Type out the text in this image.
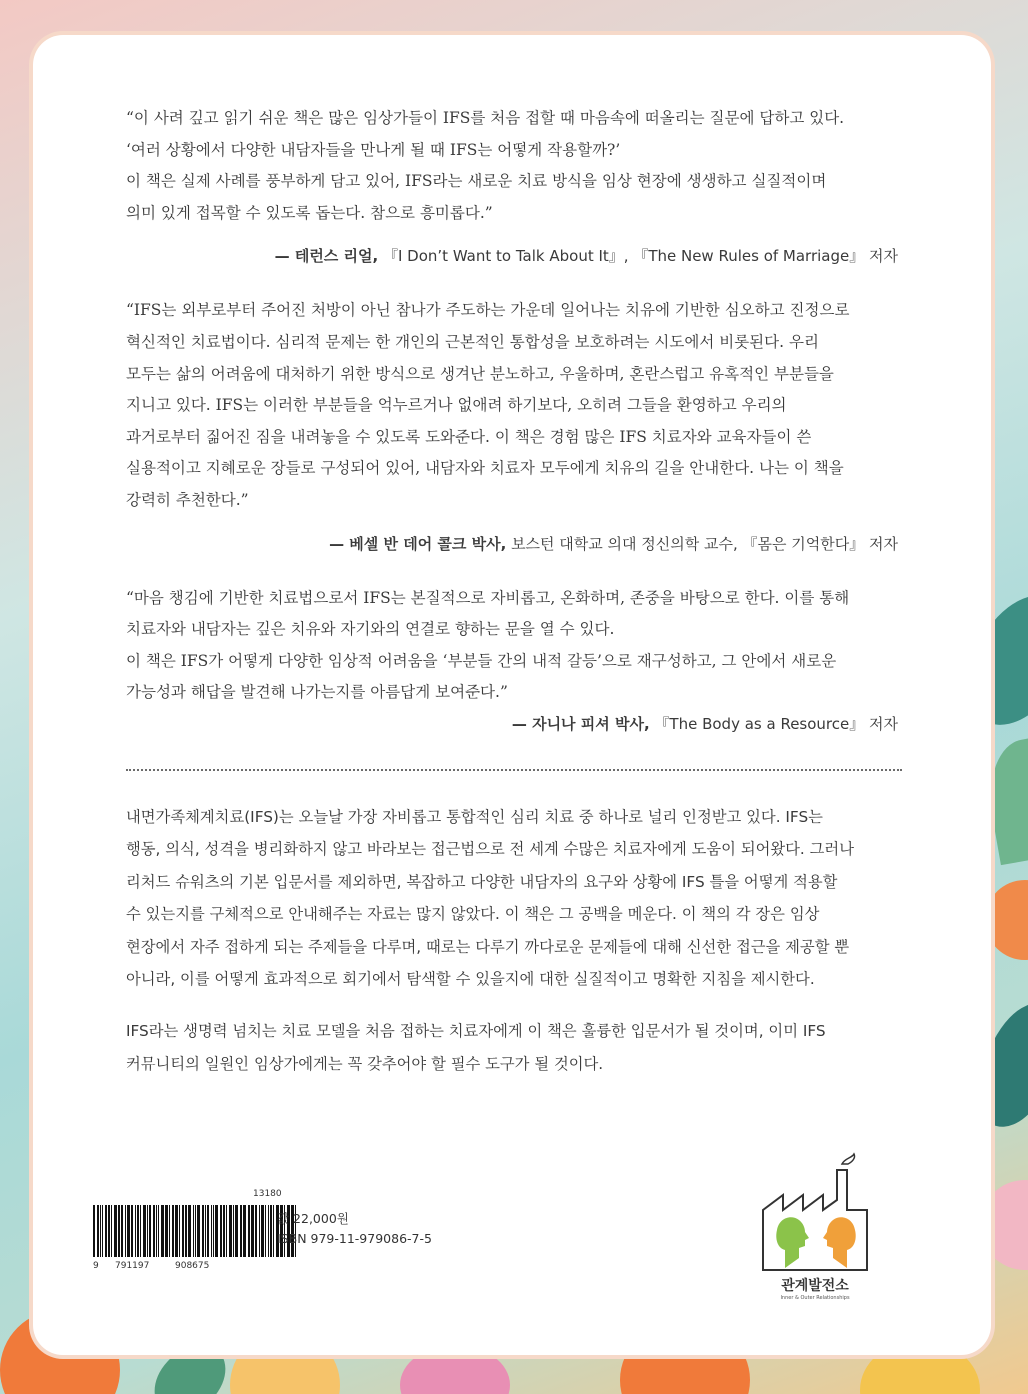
“이 사려 깊고 읽기 쉬운 책은 많은 임상가들이 IFS를 처음 접할 때 마음속에 떠올리는 질문에 답하고 있다.

‘여러 상황에서 다양한 내담자들을 만나게 될 때 IFS는 어떻게 작용할까?’

이 책은 실제 사례를 풍부하게 담고 있어, IFS라는 새로운 치료 방식을 임상 현장에 생생하고 실질적이며

의미 있게 접목할 수 있도록 돕는다. 참으로 흥미롭다.”

— 테런스 리얼, 『I Don’t Want to Talk About It』, 『The New Rules of Marriage』 저자

“IFS는 외부로부터 주어진 처방이 아닌 참나가 주도하는 가운데 일어나는 치유에 기반한 심오하고 진정으로

혁신적인 치료법이다. 심리적 문제는 한 개인의 근본적인 통합성을 보호하려는 시도에서 비롯된다. 우리

모두는 삶의 어려움에 대처하기 위한 방식으로 생겨난 분노하고, 우울하며, 혼란스럽고 유혹적인 부분들을

지니고 있다. IFS는 이러한 부분들을 억누르거나 없애려 하기보다, 오히려 그들을 환영하고 우리의

과거로부터 짊어진 짐을 내려놓을 수 있도록 도와준다. 이 책은 경험 많은 IFS 치료자와 교육자들이 쓴

실용적이고 지혜로운 장들로 구성되어 있어, 내담자와 치료자 모두에게 치유의 길을 안내한다. 나는 이 책을

강력히 추천한다.”

— 베셀 반 데어 콜크 박사, 보스턴 대학교 의대 정신의학 교수, 『몸은 기억한다』 저자

“마음 챙김에 기반한 치료법으로서 IFS는 본질적으로 자비롭고, 온화하며, 존중을 바탕으로 한다. 이를 통해

치료자와 내담자는 깊은 치유와 자기와의 연결로 향하는 문을 열 수 있다.

이 책은 IFS가 어떻게 다양한 임상적 어려움을 ‘부분들 간의 내적 갈등’으로 재구성하고, 그 안에서 새로운

가능성과 해답을 발견해 나가는지를 아름답게 보여준다.”

— 자니나 피셔 박사, 『The Body as a Resource』 저자

내면가족체계치료(IFS)는 오늘날 가장 자비롭고 통합적인 심리 치료 중 하나로 널리 인정받고 있다. IFS는

행동, 의식, 성격을 병리화하지 않고 바라보는 접근법으로 전 세계 수많은 치료자에게 도움이 되어왔다. 그러나

리처드 슈워츠의 기본 입문서를 제외하면, 복잡하고 다양한 내담자의 요구와 상황에 IFS 틀을 어떻게 적용할

수 있는지를 구체적으로 안내해주는 자료는 많지 않았다. 이 책은 그 공백을 메운다. 이 책의 각 장은 임상

현장에서 자주 접하게 되는 주제들을 다루며, 때로는 다루기 까다로운 문제들에 대해 신선한 접근을 제공할 뿐

아니라, 이를 어떻게 효과적으로 회기에서 탐색할 수 있을지에 대한 실질적이고 명확한 지침을 제시한다.

IFS라는 생명력 넘치는 치료 모델을 처음 접하는 치료자에게 이 책은 훌륭한 입문서가 될 것이며, 이미 IFS

커뮤니티의 일원인 임상가에게는 꼭 갖추어야 할 필수 도구가 될 것이다.

13180
9 791197	908675
값 22,000원
ISBN 979-11-979086-7-5
관계발전소
Inner & Outer Relationships
